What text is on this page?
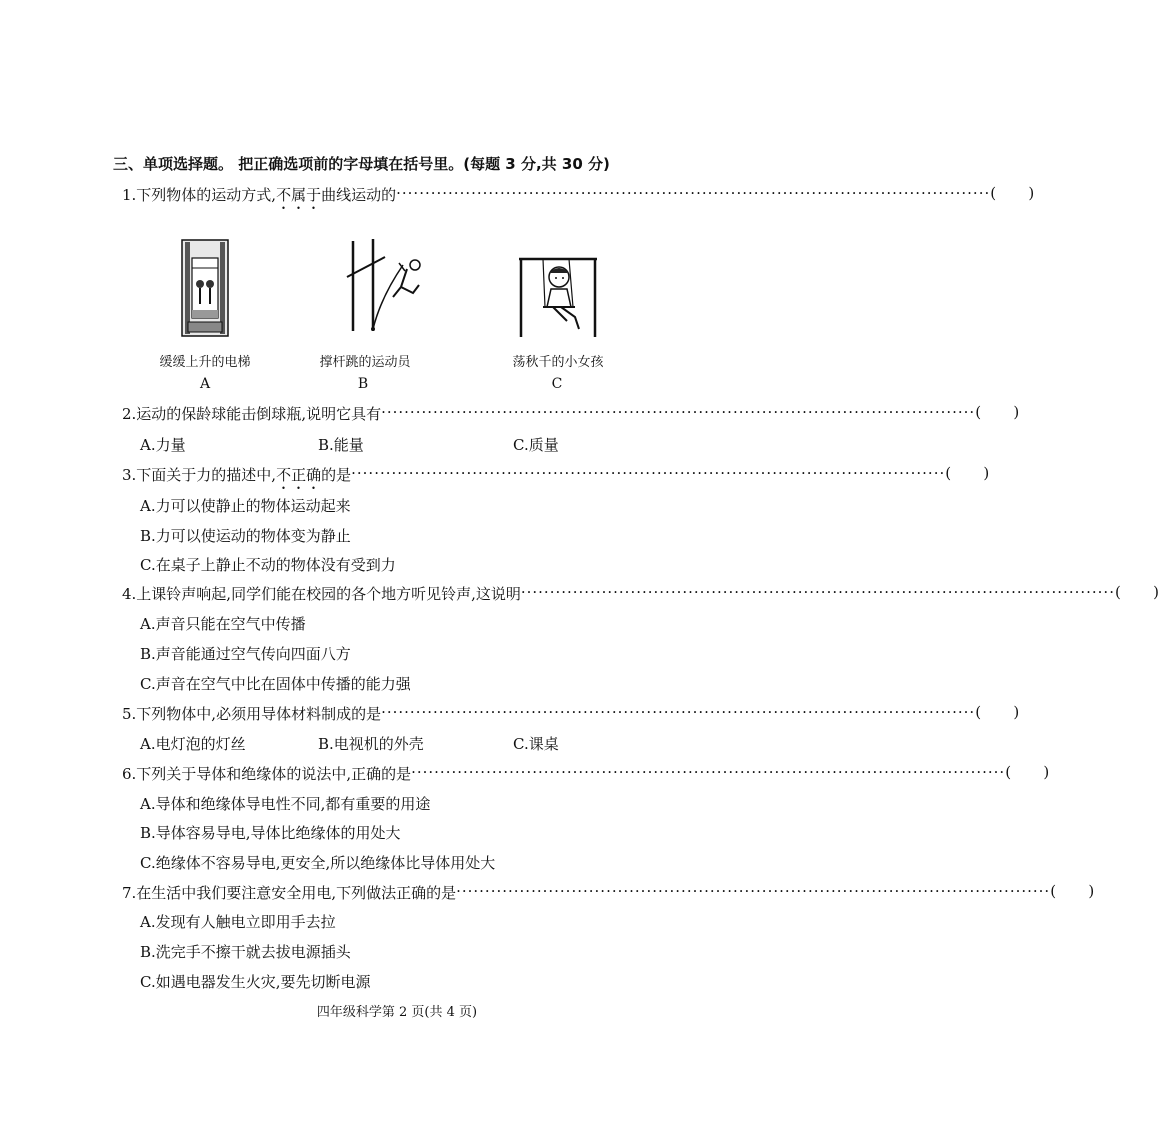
三、单项选择题。 把正确选项前的字母填在括号里。(每题 3 分,共 30 分)
1.下列物体的运动方式,不属于曲线运动的 ······································································································· ( )
缓缓上升的电梯
A
撑杆跳的运动员
B
荡秋千的小女孩
C
2.运动的保龄球能击倒球瓶,说明它具有 ······································································································· ( )
A.力量	B.能量	C.质量
3.下面关于力的描述中,不正确的是 ······································································································· ( )
A.力可以使静止的物体运动起来
B.力可以使运动的物体变为静止
C.在桌子上静止不动的物体没有受到力
4.上课铃声响起,同学们能在校园的各个地方听见铃声,这说明 ······································································································· ( )
A.声音只能在空气中传播
B.声音能通过空气传向四面八方
C.声音在空气中比在固体中传播的能力强
5.下列物体中,必须用导体材料制成的是 ······································································································· ( )
A.电灯泡的灯丝	B.电视机的外壳	C.课桌
6.下列关于导体和绝缘体的说法中,正确的是 ······································································································· ( )
A.导体和绝缘体导电性不同,都有重要的用途
B.导体容易导电,导体比绝缘体的用处大
C.绝缘体不容易导电,更安全,所以绝缘体比导体用处大
7.在生活中我们要注意安全用电,下列做法正确的是 ······································································································· ( )
A.发现有人触电立即用手去拉
B.洗完手不擦干就去拔电源插头
C.如遇电器发生火灾,要先切断电源
四年级科学第 2 页(共 4 页)
